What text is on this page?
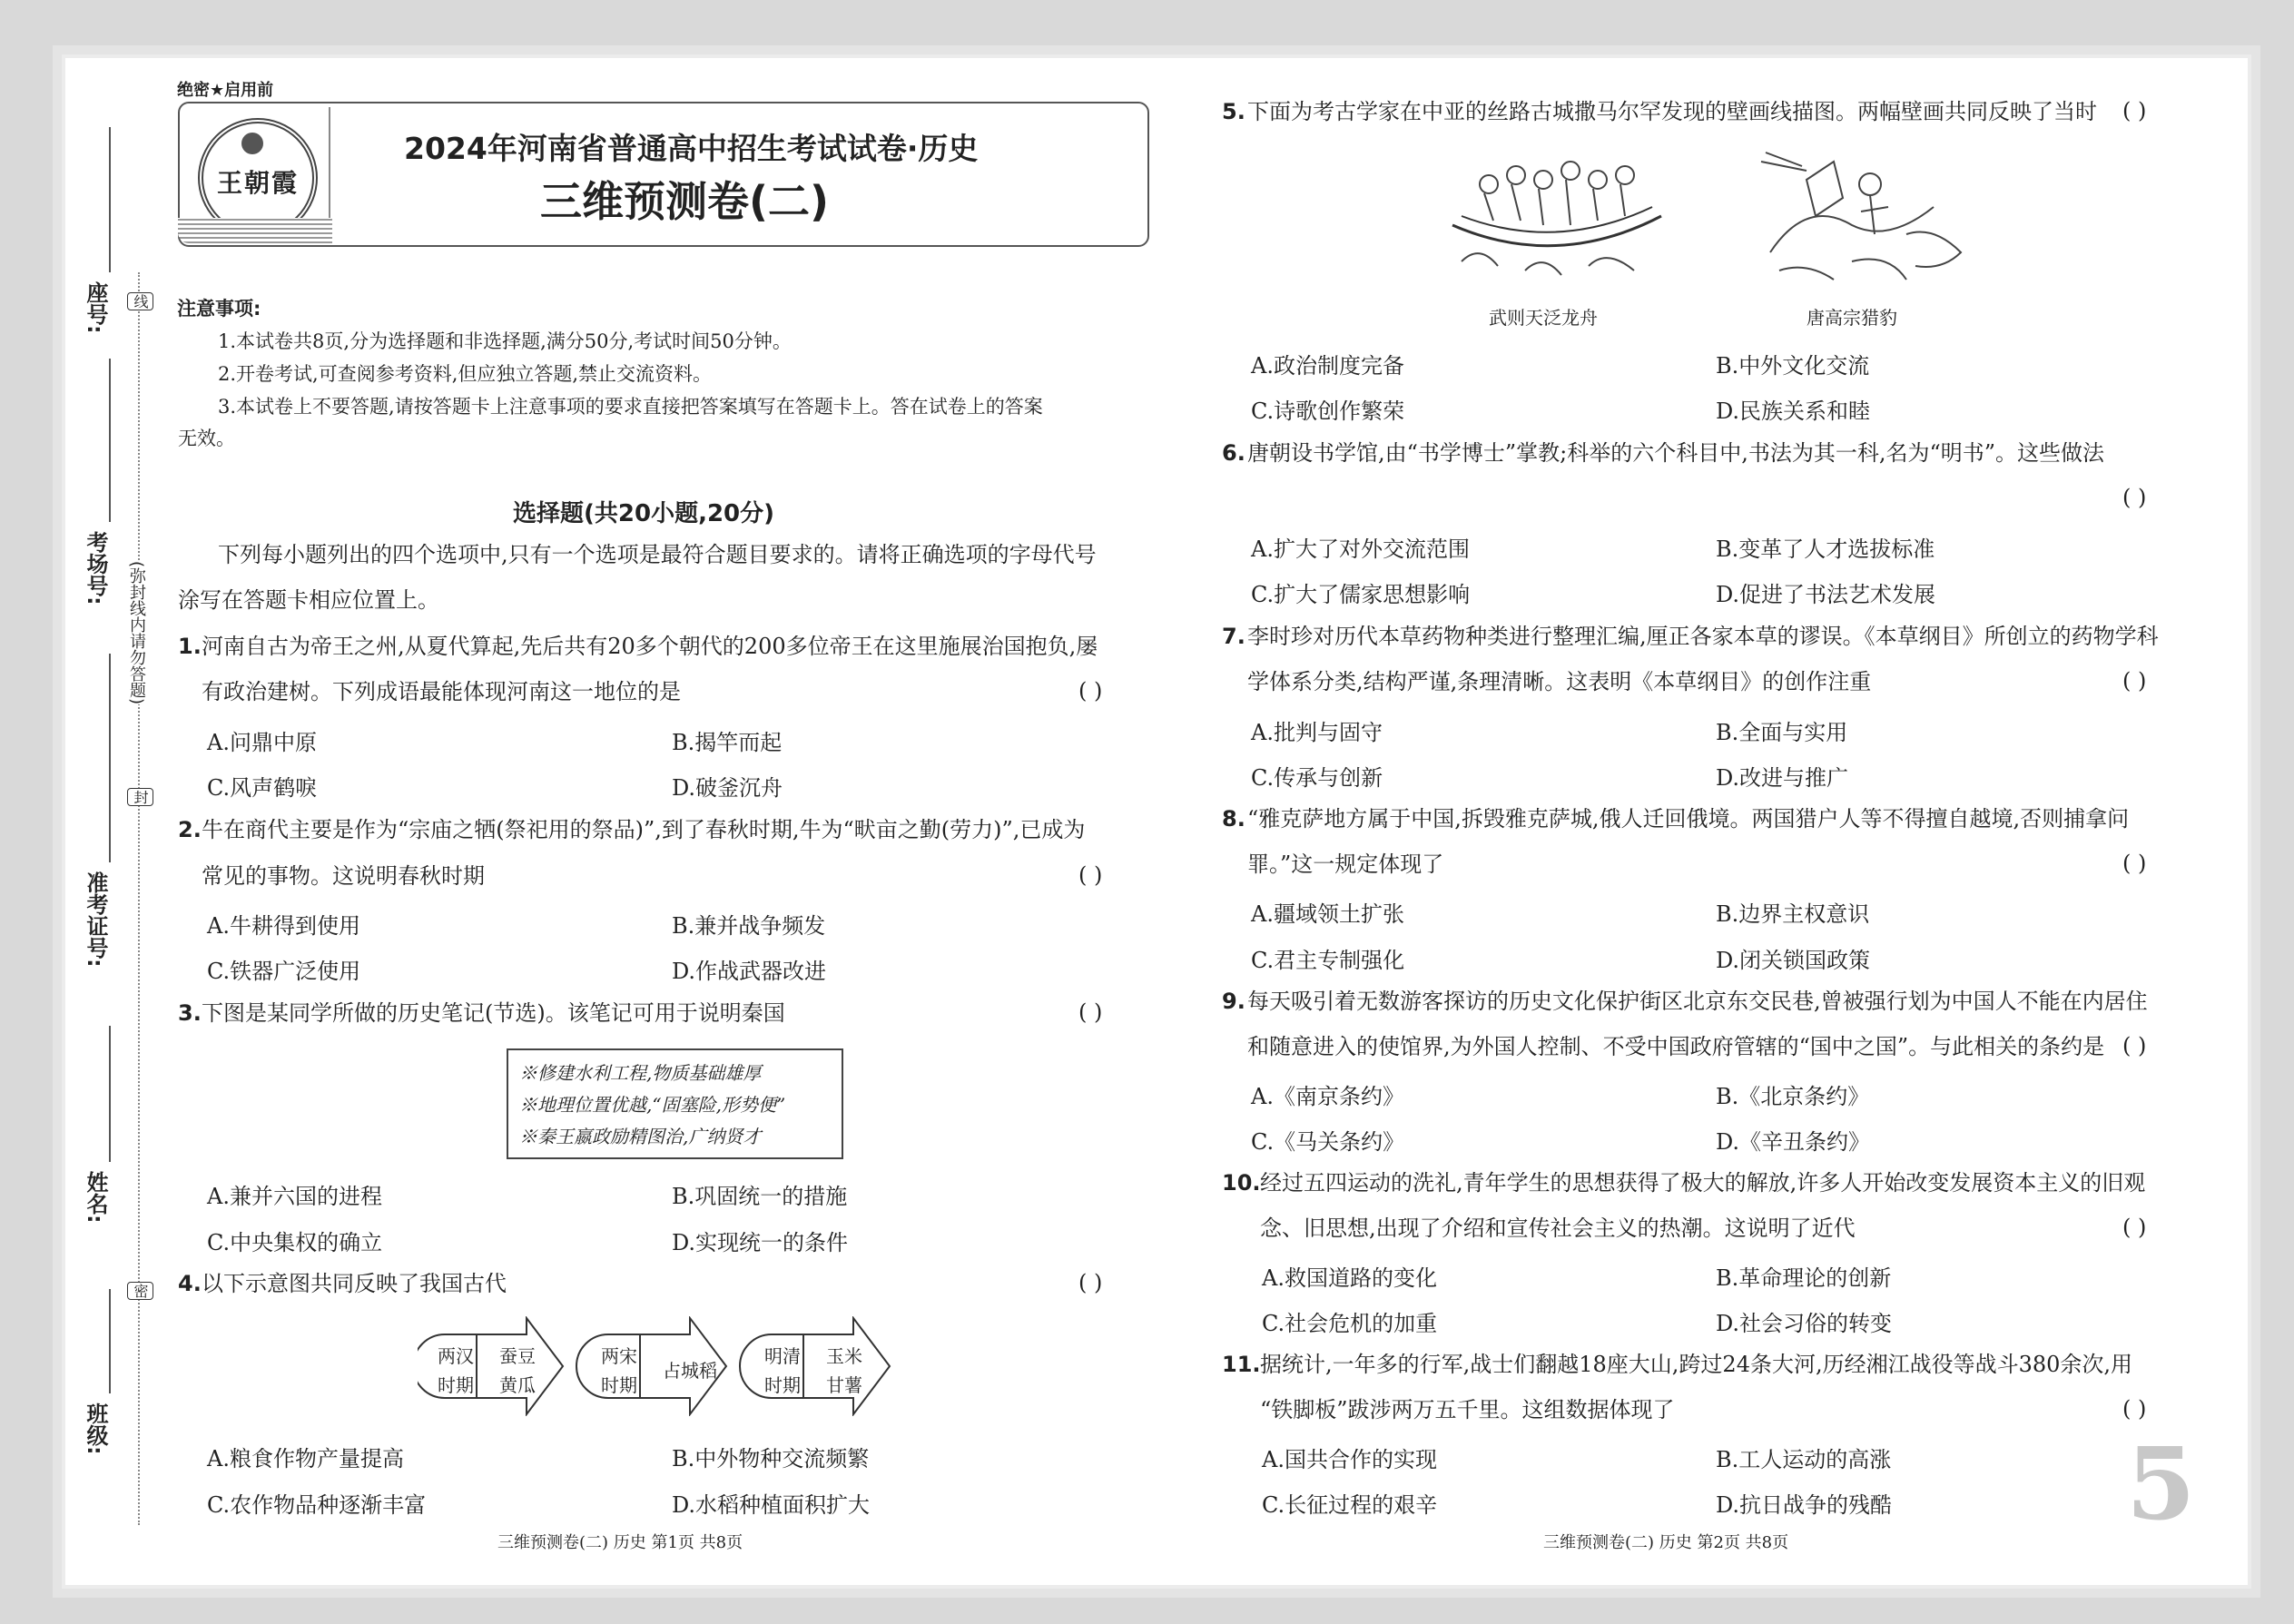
座号:
考场号:
准考证号:
姓名:
班级:
线
(弥封线内请勿答题)
封
密
绝密★启用前
王朝霞
2024年河南省普通高中招生考试试卷·历史
三维预测卷(二)
注意事项:
1.本试卷共8页,分为选择题和非选择题,满分50分,考试时间50分钟。
2.开卷考试,可查阅参考资料,但应独立答题,禁止交流资料。
3.本试卷上不要答题,请按答题卡上注意事项的要求直接把答案填写在答题卡上。答在试卷上的答案
无效。
选择题(共20小题,20分)
下列每小题列出的四个选项中,只有一个选项是最符合题目要求的。请将正确选项的字母代号
涂写在答题卡相应位置上。
1. 河南自古为帝王之州,从夏代算起,先后共有20多个朝代的200多位帝王在这里施展治国抱负,屡
有政治建树。下列成语最能体现河南这一地位的是	( )
A.问鼎中原	B.揭竿而起
C.风声鹤唳	D.破釜沉舟
2. 牛在商代主要是作为“宗庙之牺(祭祀用的祭品)”,到了春秋时期,牛为“畎亩之勤(劳力)”,已成为
常见的事物。这说明春秋时期	( )
A.牛耕得到使用	B.兼并战争频发
C.铁器广泛使用	D.作战武器改进
3. 下图是某同学所做的历史笔记(节选)。该笔记可用于说明秦国	( )
※修建水利工程,物质基础雄厚
※地理位置优越,“固塞险,形势便”
※秦王嬴政励精图治,广纳贤才
A.兼并六国的进程	B.巩固统一的措施
C.中央集权的确立	D.实现统一的条件
4. 以下示意图共同反映了我国古代	( )
两汉
时期
蚕豆
黄瓜
两宋
时期
占城稻
明清
时期
玉米
甘薯
A.粮食作物产量提高	B.中外物种交流频繁
C.农作物品种逐渐丰富	D.水稻种植面积扩大
三维预测卷(二) 历史 第1页 共8页
5. 下面为考古学家在中亚的丝路古城撒马尔罕发现的壁画线描图。两幅壁画共同反映了当时 ( )
武则天泛龙舟	唐高宗猎豹
A.政治制度完备	B.中外文化交流
C.诗歌创作繁荣	D.民族关系和睦
6. 唐朝设书学馆,由“书学博士”掌教;科举的六个科目中,书法为其一科,名为“明书”。这些做法
( )
A.扩大了对外交流范围	B.变革了人才选拔标准
C.扩大了儒家思想影响	D.促进了书法艺术发展
7. 李时珍对历代本草药物种类进行整理汇编,厘正各家本草的谬误。《本草纲目》所创立的药物学科
学体系分类,结构严谨,条理清晰。这表明《本草纲目》的创作注重	( )
A.批判与固守	B.全面与实用
C.传承与创新	D.改进与推广
8. “雅克萨地方属于中国,拆毁雅克萨城,俄人迁回俄境。两国猎户人等不得擅自越境,否则捕拿问
罪。”这一规定体现了	( )
A.疆域领土扩张	B.边界主权意识
C.君主专制强化	D.闭关锁国政策
9. 每天吸引着无数游客探访的历史文化保护街区北京东交民巷,曾被强行划为中国人不能在内居住
和随意进入的使馆界,为外国人控制、不受中国政府管辖的“国中之国”。与此相关的条约是 ( )
A.《南京条约》	B.《北京条约》
C.《马关条约》	D.《辛丑条约》
10. 经过五四运动的洗礼,青年学生的思想获得了极大的解放,许多人开始改变发展资本主义的旧观
念、旧思想,出现了介绍和宣传社会主义的热潮。这说明了近代	( )
A.救国道路的变化	B.革命理论的创新
C.社会危机的加重	D.社会习俗的转变
11. 据统计,一年多的行军,战士们翻越18座大山,跨过24条大河,历经湘江战役等战斗380余次,用
“铁脚板”跋涉两万五千里。这组数据体现了	( )
A.国共合作的实现	B.工人运动的高涨
C.长征过程的艰辛	D.抗日战争的残酷
三维预测卷(二) 历史 第2页 共8页
5
